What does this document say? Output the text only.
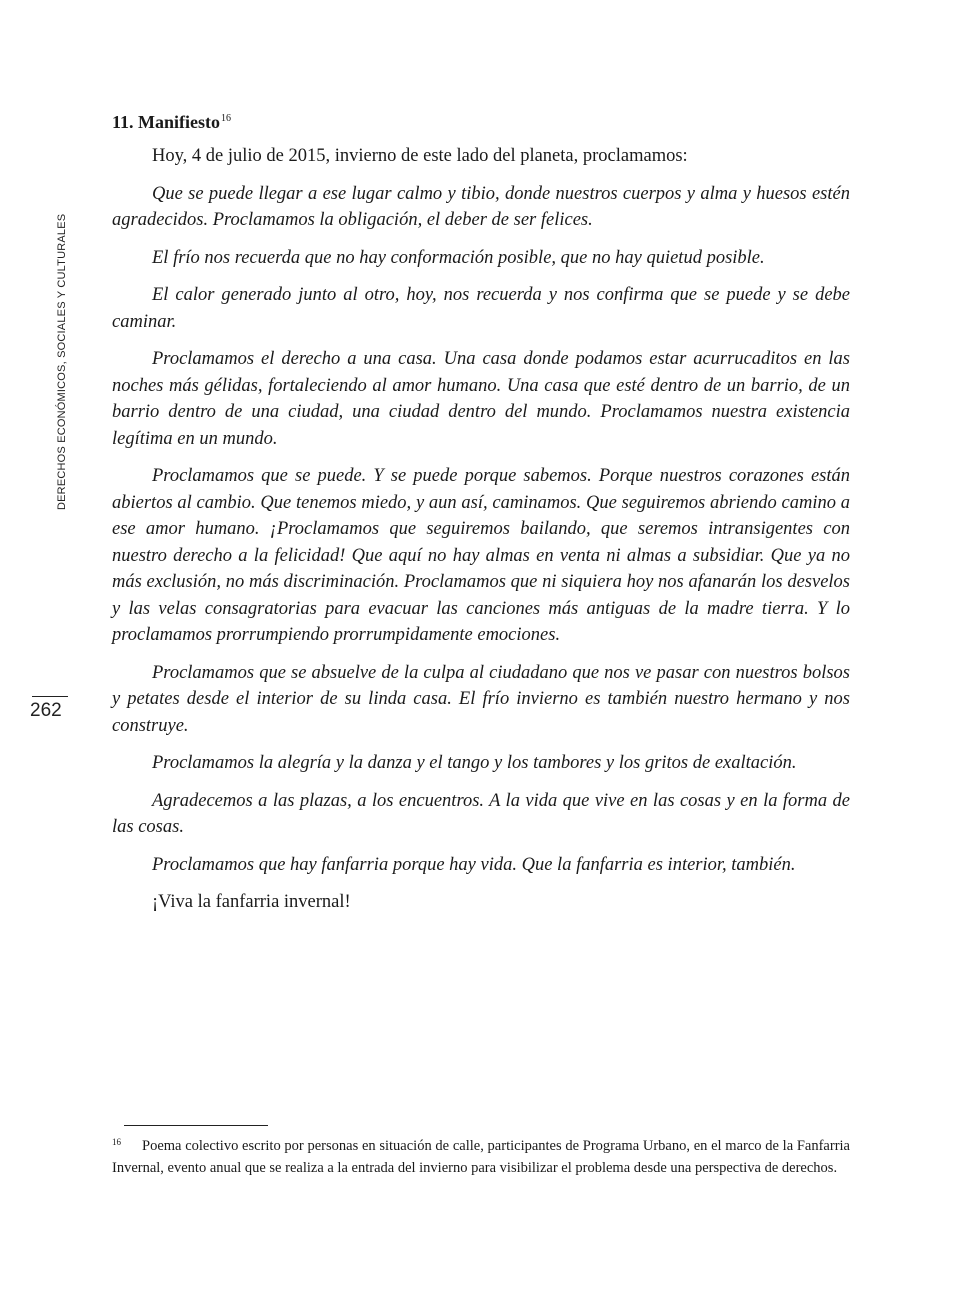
DERECHOS ECONÓMICOS, SOCIALES Y CULTURALES
262
11. Manifiesto$^{16}$

Hoy, 4 de julio de 2015, invierno de este lado del planeta, proclamamos:

Que se puede llegar a ese lugar calmo y tibio, donde nuestros cuerpos y alma y huesos estén agradecidos. Proclamamos la obligación, el deber de ser felices.

El frío nos recuerda que no hay conformación posible, que no hay quietud posible.

El calor generado junto al otro, hoy, nos recuerda y nos confirma que se puede y se debe caminar.

Proclamamos el derecho a una casa. Una casa donde podamos estar acurrucaditos en las noches más gélidas, fortaleciendo al amor humano. Una casa que esté dentro de un barrio, de un barrio dentro de una ciudad, una ciudad dentro del mundo. Proclamamos nuestra existencia legítima en un mundo.

Proclamamos que se puede. Y se puede porque sabemos. Porque nuestros corazones están abiertos al cambio. Que tenemos miedo, y aun así, caminamos. Que seguiremos abriendo camino a ese amor humano. ¡Proclamamos que seguiremos bailando, que seremos intransigentes con nuestro derecho a la felicidad! Que aquí no hay almas en venta ni almas a subsidiar. Que ya no más exclusión, no más discriminación. Proclamamos que ni siquiera hoy nos afanarán los desvelos y las velas consagratorias para evacuar las canciones más antiguas de la madre tierra. Y lo proclamamos prorrumpiendo prorrumpidamente emociones.

Proclamamos que se absuelve de la culpa al ciudadano que nos ve pasar con nuestros bolsos y petates desde el interior de su linda casa. El frío invierno es también nuestro hermano y nos construye.

Proclamamos la alegría y la danza y el tango y los tambores y los gritos de exaltación.

Agradecemos a las plazas, a los encuentros. A la vida que vive en las cosas y en la forma de las cosas.

Proclamamos que hay fanfarria porque hay vida. Que la fanfarria es interior, también.

¡Viva la fanfarria invernal!

$^{16}$ Poema colectivo escrito por personas en situación de calle, participantes de Programa Urbano, en el marco de la Fanfarria Invernal, evento anual que se realiza a la entrada del invierno para visibilizar el problema desde una perspectiva de derechos.
